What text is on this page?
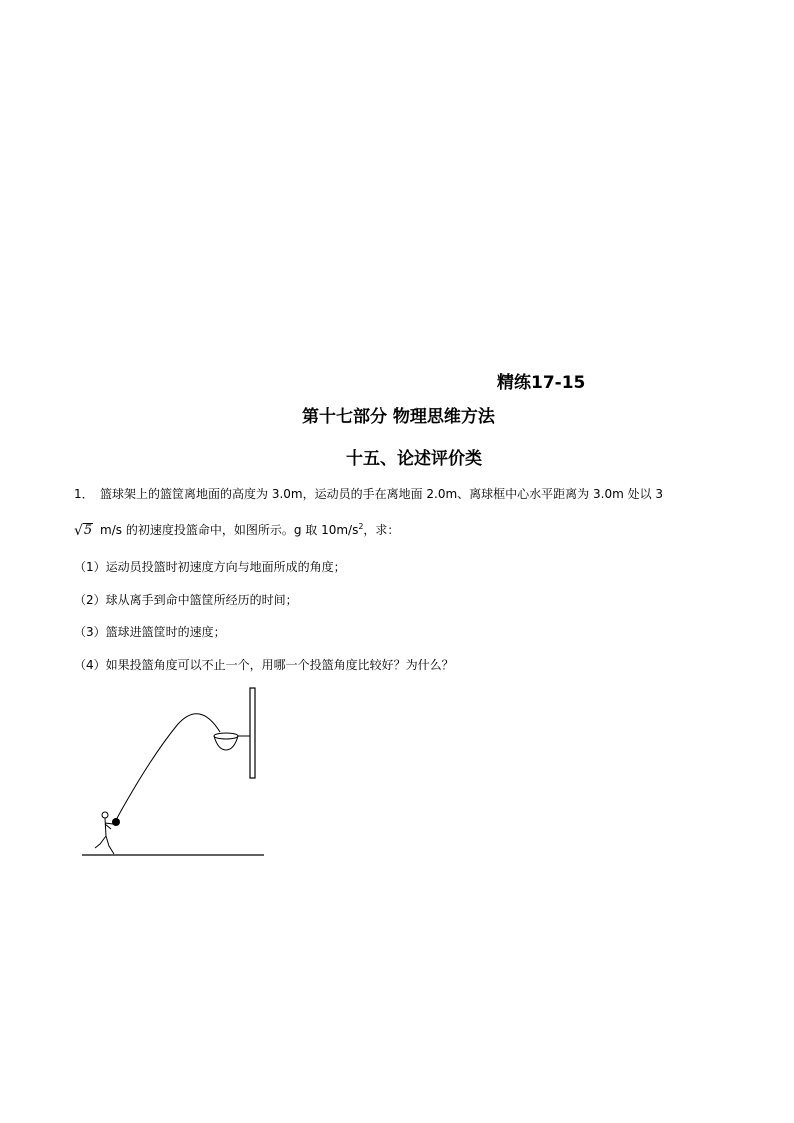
精练17-15
第十七部分 物理思维方法
十五、论述评价类
1． 篮球架上的篮筐离地面的高度为 3.0m，运动员的手在离地面 2.0m、离球框中心水平距离为 3.0m 处以 3
√5 m/s 的初速度投篮命中，如图所示。g 取 $10m/s^2$，求：
（1）运动员投篮时初速度方向与地面所成的角度；
（2）球从离手到命中篮筐所经历的时间；
（3）篮球进篮筐时的速度；
（4）如果投篮角度可以不止一个，用哪一个投篮角度比较好？为什么？
